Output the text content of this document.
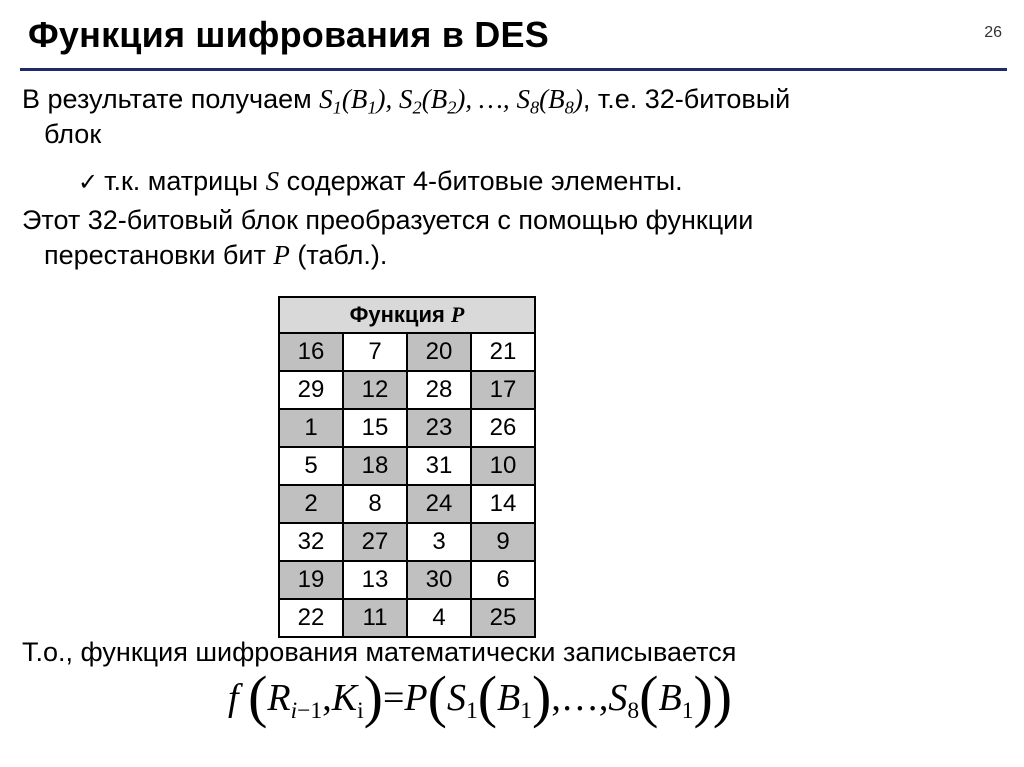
Функция шифрования в DES	26
В результате получаем $S_1(B_1)$, $S_2(B_2)$, …, $S_8(B_8)$, т.е. 32-битовый
блок
✓ т.к. матрицы S содержат 4-битовые элементы.
Этот 32-битовый блок преобразуется с помощью функции
перестановки бит P (табл.).
Функция P			
16	7	20	21
29	12	28	17
1	15	23	26
5	18	31	10
2	8	24	14
32	27	3	9
19	13	30	6
22	11	4	25
Т.о., функция шифрования математически записывается
f $(R_{i-1},K_i)=P(S_1(B_1),\dots,S_8(B_1))$
